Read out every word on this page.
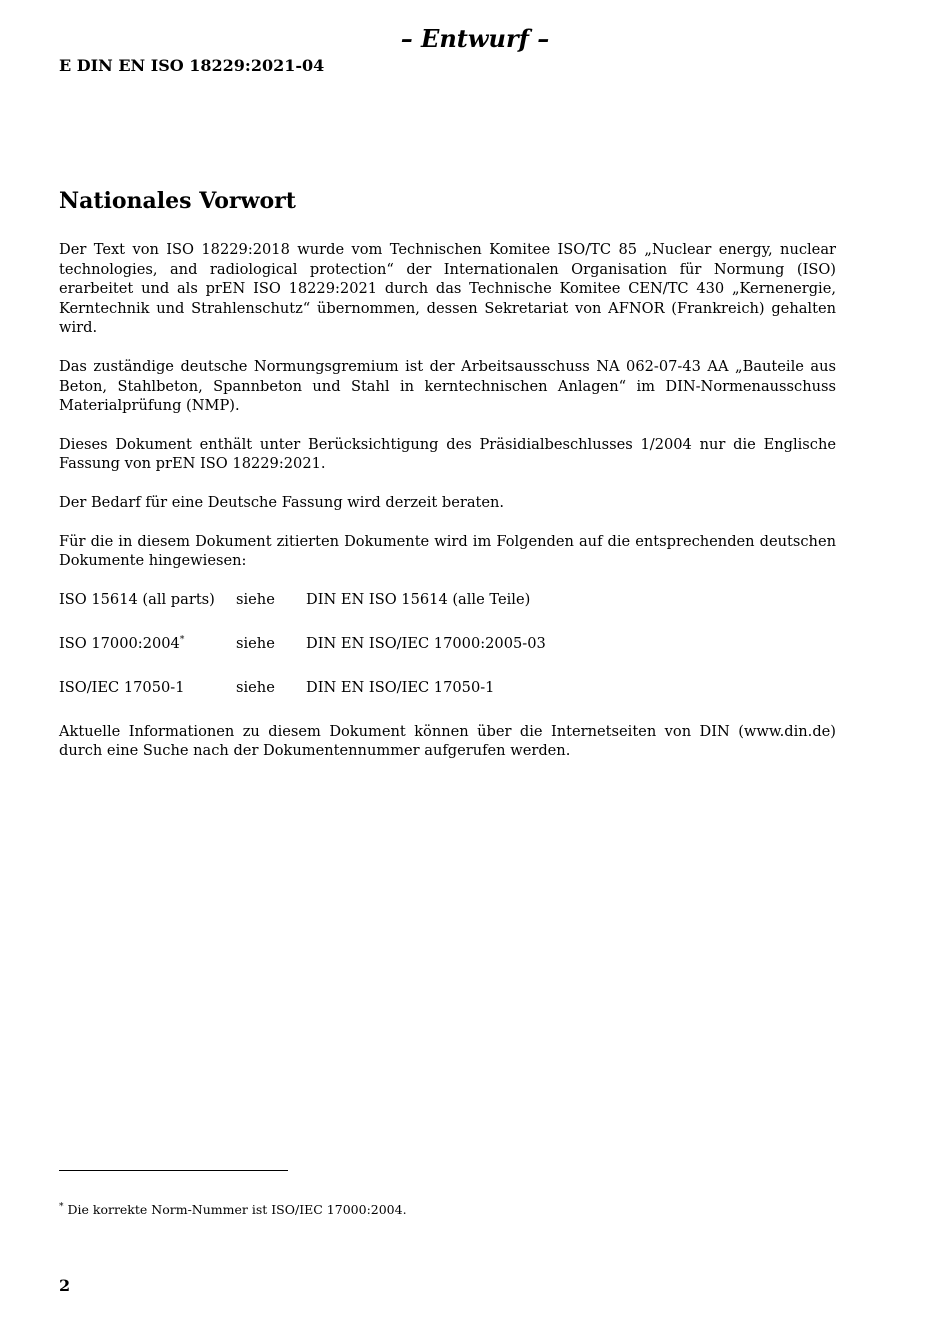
– Entwurf –
E DIN EN ISO 18229:2021-04
Nationales Vorwort

Der Text von ISO 18229:2018 wurde vom Technischen Komitee ISO/TC 85 „Nuclear energy, nuclear technologies, and radiological protection“ der Internationalen Organisation für Normung (ISO) erarbeitet und als prEN ISO 18229:2021 durch das Technische Komitee CEN/TC 430 „Kernenergie, Kerntechnik und Strahlenschutz“ übernommen, dessen Sekretariat von AFNOR (Frankreich) gehalten wird.

Das zuständige deutsche Normungsgremium ist der Arbeitsausschuss NA 062-07-43 AA „Bauteile aus Beton, Stahlbeton, Spannbeton und Stahl in kerntechnischen Anlagen“ im DIN-Normenausschuss Materialprüfung (NMP).

Dieses Dokument enthält unter Berücksichtigung des Präsidialbeschlusses 1/2004 nur die Englische Fassung von prEN ISO 18229:2021.

Der Bedarf für eine Deutsche Fassung wird derzeit beraten.

Für die in diesem Dokument zitierten Dokumente wird im Folgenden auf die entsprechenden deutschen Dokumente hingewiesen:

ISO 15614 (all parts)	siehe	DIN EN ISO 15614 (alle Teile)
ISO 17000:2004*	siehe	DIN EN ISO/IEC 17000:2005-03
ISO/IEC 17050-1	siehe	DIN EN ISO/IEC 17050-1

Aktuelle Informationen zu diesem Dokument können über die Internetseiten von DIN (www.din.de) durch eine Suche nach der Dokumentennummer aufgerufen werden.

* Die korrekte Norm-Nummer ist ISO/IEC 17000:2004.
2
